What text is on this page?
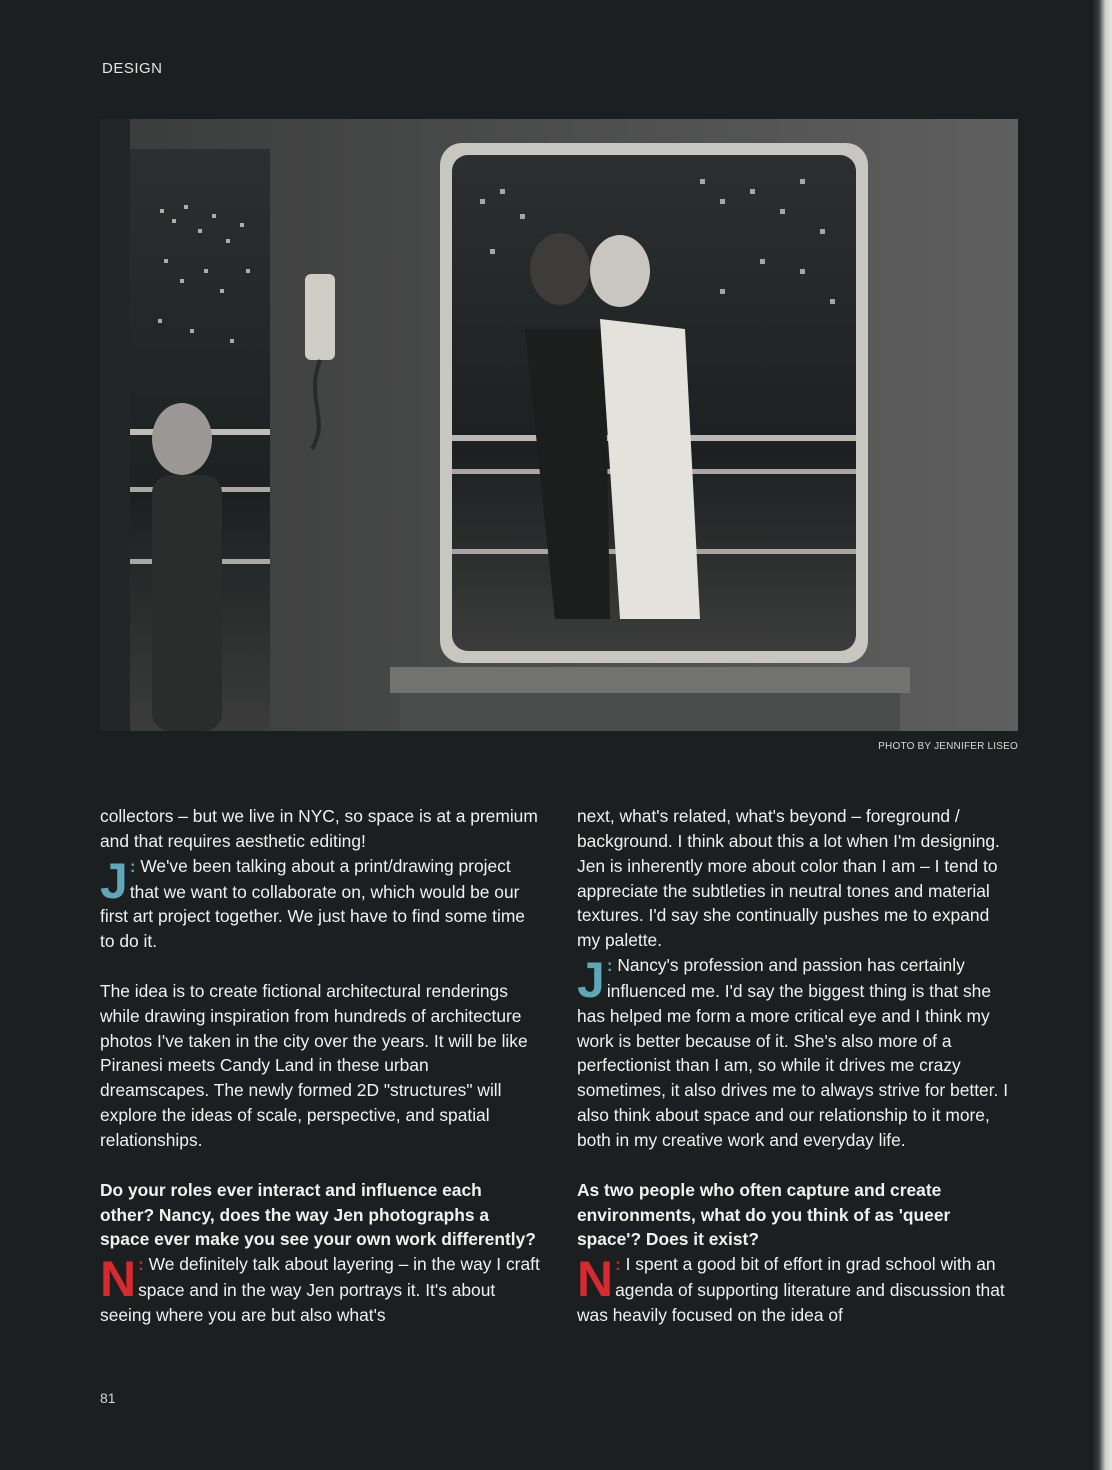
DESIGN
PHOTO BY JENNIFER LISEO

collectors – but we live in NYC, so space is at a premium and that requires aesthetic editing!

J : We've been talking about a print/drawing project that we want to collaborate on, which would be our first art project together. We just have to find some time to do it.

The idea is to create fictional architectural renderings while drawing inspiration from hundreds of architecture photos I've taken in the city over the years. It will be like Piranesi meets Candy Land in these urban dreamscapes. The newly formed 2D "structures" will explore the ideas of scale, perspective, and spatial relationships.

Do your roles ever interact and influence each other? Nancy, does the way Jen photographs a space ever make you see your own work differently?

N : We definitely talk about layering – in the way I craft space and in the way Jen portrays it. It's about seeing where you are but also what's

next, what's related, what's beyond – foreground / background. I think about this a lot when I'm designing. Jen is inherently more about color than I am – I tend to appreciate the subtleties in neutral tones and material textures. I'd say she continually pushes me to expand my palette.

J : Nancy's profession and passion has certainly influenced me. I'd say the biggest thing is that she has helped me form a more critical eye and I think my work is better because of it. She's also more of a perfectionist than I am, so while it drives me crazy sometimes, it also drives me to always strive for better. I also think about space and our relationship to it more, both in my creative work and everyday life.

As two people who often capture and create environments, what do you think of as 'queer space'? Does it exist?

N : I spent a good bit of effort in grad school with an agenda of supporting literature and discussion that was heavily focused on the idea of

81
